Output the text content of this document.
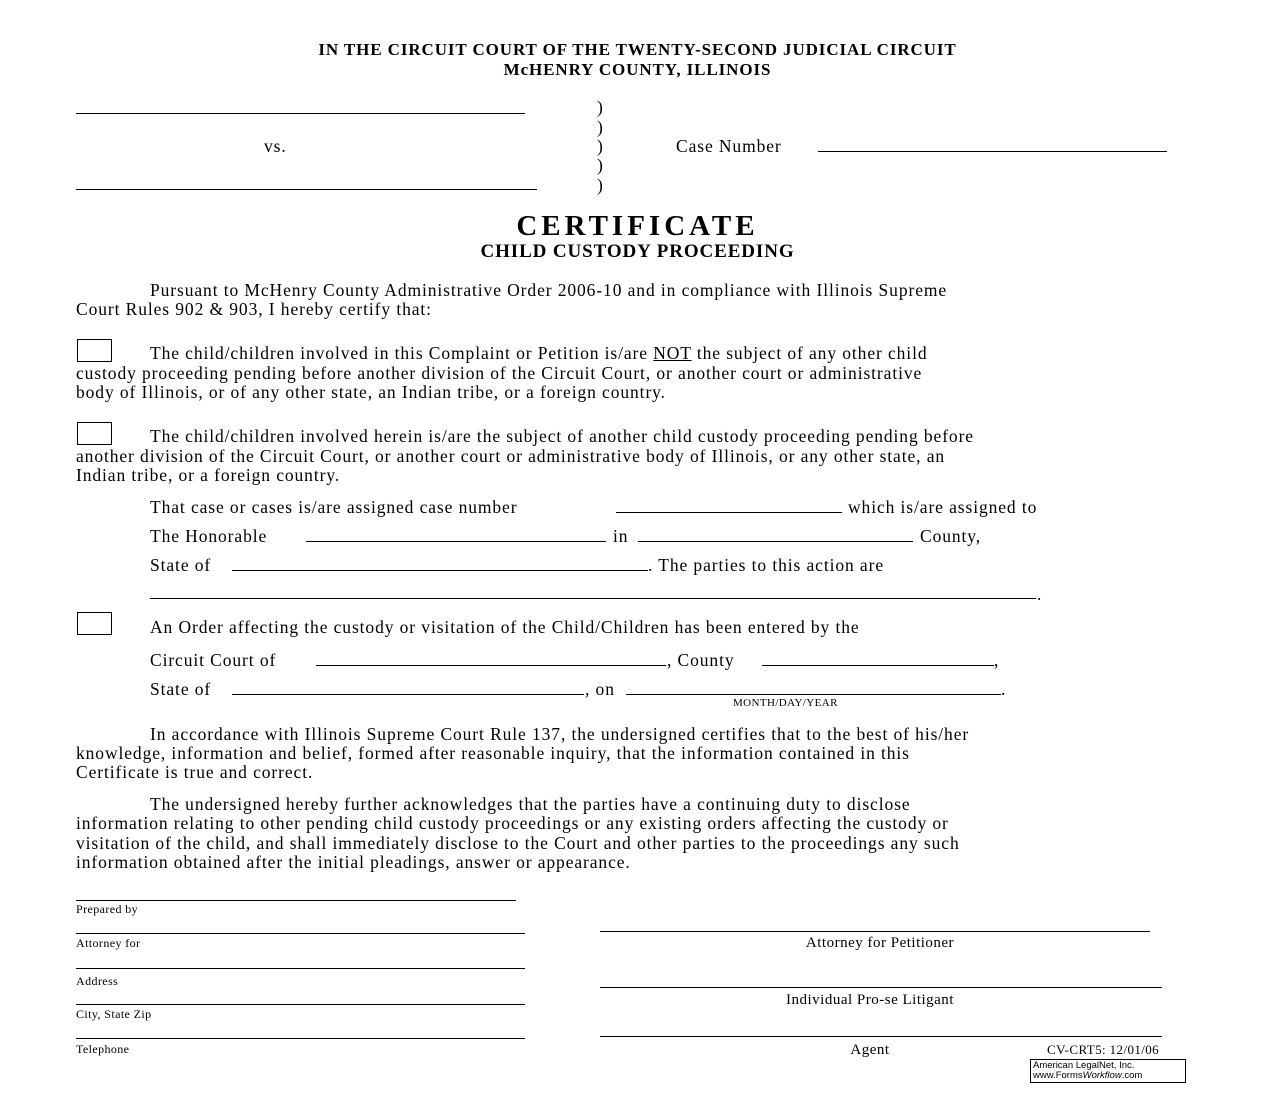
IN THE CIRCUIT COURT OF THE TWENTY-SECOND JUDICIAL CIRCUIT
McHENRY COUNTY, ILLINOIS
vs.
)
)
)
)
)
Case Number
CERTIFICATE
CHILD CUSTODY PROCEEDING
Pursuant to McHenry County Administrative Order 2006-10 and in compliance with Illinois Supreme
Court Rules 902 & 903, I hereby certify that:
The child/children involved in this Complaint or Petition is/are NOT the subject of any other child
custody proceeding pending before another division of the Circuit Court, or another court or administrative
body of Illinois, or of any other state, an Indian tribe, or a foreign country.
The child/children involved herein is/are the subject of another child custody proceeding pending before
another division of the Circuit Court, or another court or administrative body of Illinois, or any other state, an
Indian tribe, or a foreign country.
That case or cases is/are assigned case number	which is/are assigned to
The Honorable	in	County,
State of	. The parties to this action are
.
An Order affecting the custody or visitation of the Child/Children has been entered by the
Circuit Court of	, County	,
State of	, on	.
MONTH/DAY/YEAR
In accordance with Illinois Supreme Court Rule 137, the undersigned certifies that to the best of his/her
knowledge, information and belief, formed after reasonable inquiry, that the information contained in this
Certificate is true and correct.
The undersigned hereby further acknowledges that the parties have a continuing duty to disclose
information relating to other pending child custody proceedings or any existing orders affecting the custody or
visitation of the child, and shall immediately disclose to the Court and other parties to the proceedings any such
information obtained after the initial pleadings, answer or appearance.
Prepared by
Attorney for
Address
City, State Zip
Telephone
Attorney for Petitioner
Individual Pro-se Litigant
Agent	CV-CRT5: 12/01/06
American LegalNet, Inc.
www.FormsWorkflow.com
